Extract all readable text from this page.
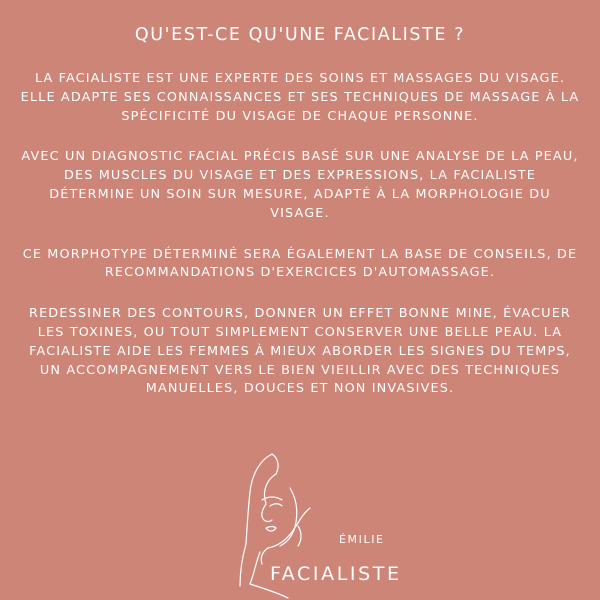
QU'EST-CE QU'UNE FACIALISTE ?

LA FACIALISTE EST UNE EXPERTE DES SOINS ET MASSAGES DU VISAGE. ELLE ADAPTE SES CONNAISSANCES ET SES TECHNIQUES DE MASSAGE À LA SPÉCIFICITÉ DU VISAGE DE CHAQUE PERSONNE.

AVEC UN DIAGNOSTIC FACIAL PRÉCIS BASÉ SUR UNE ANALYSE DE LA PEAU, DES MUSCLES DU VISAGE ET DES EXPRESSIONS, LA FACIALISTE DÉTERMINE UN SOIN SUR MESURE, ADAPTÉ À LA MORPHOLOGIE DU VISAGE.

CE MORPHOTYPE DÉTERMINÉ SERA ÉGALEMENT LA BASE DE CONSEILS, DE RECOMMANDATIONS D'EXERCICES D'AUTOMASSAGE.

REDESSINER DES CONTOURS, DONNER UN EFFET BONNE MINE, ÉVACUER LES TOXINES, OU TOUT SIMPLEMENT CONSERVER UNE BELLE PEAU. LA FACIALISTE AIDE LES FEMMES À MIEUX ABORDER LES SIGNES DU TEMPS, UN ACCOMPAGNEMENT VERS LE BIEN VIEILLIR AVEC DES TECHNIQUES MANUELLES, DOUCES ET NON INVASIVES.

ÉMILIE
FACIALISTE
